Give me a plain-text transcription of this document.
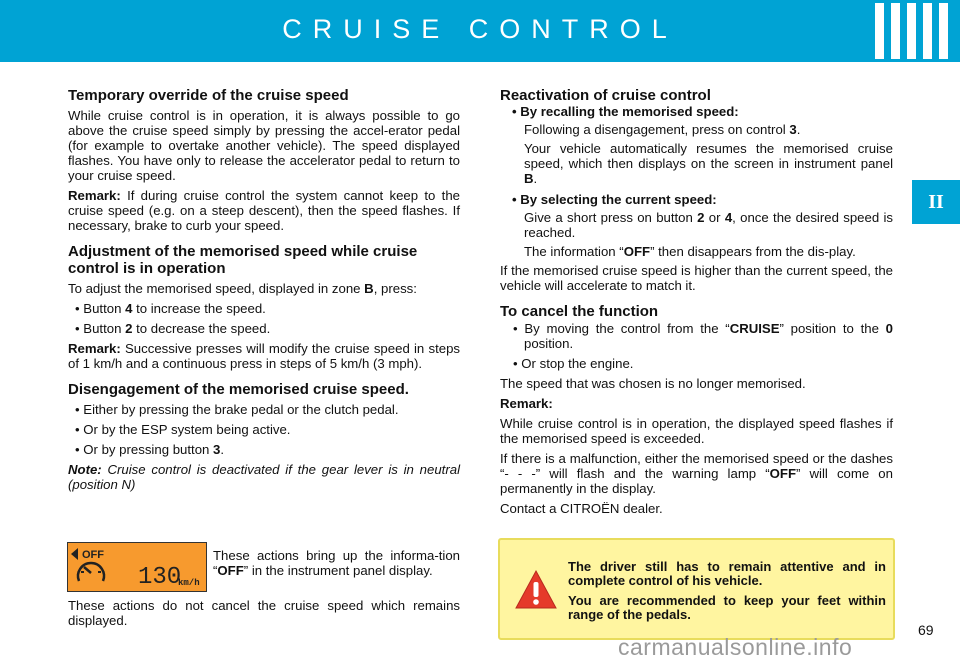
CRUISE CONTROL
II
Temporary override of the cruise speed

While cruise control is in operation, it is always possible to go above the cruise speed simply by pressing the accel-erator pedal (for example to overtake another vehicle). The speed displayed flashes. You have only to release the accelerator pedal to return to your cruise speed.

Remark: If during cruise control the system cannot keep to the cruise speed (e.g. on a steep descent), then the speed flashes. If necessary, brake to curb your speed.

Adjustment of the memorised speed while cruise control is in operation

To adjust the memorised speed, displayed in zone B, press:

• Button 4 to increase the speed.

• Button 2 to decrease the speed.

Remark: Successive presses will modify the cruise speed in steps of 1 km/h and a continuous press in steps of 5 km/h (3 mph).

Disengagement of the memorised cruise speed.

• Either by pressing the brake pedal or the clutch pedal.

• Or by the ESP system being active.

• Or by pressing button 3.

Note: Cruise control is deactivated if the gear lever is in neutral (position N)

OFF
130
km/h
These actions bring up the informa-tion “OFF” in the instrument panel display.
These actions do not cancel the cruise speed which remains displayed.
Reactivation of cruise control

• By recalling the memorised speed:

Following a disengagement, press on control 3.

Your vehicle automatically resumes the memorised cruise speed, which then displays on the screen in instrument panel B.

• By selecting the current speed:

Give a short press on button 2 or 4, once the desired speed is reached.

The information “OFF” then disappears from the dis-play.

If the memorised cruise speed is higher than the current speed, the vehicle will accelerate to match it.

To cancel the function

• By moving the control from the “CRUISE” position to the 0 position.

• Or stop the engine.

The speed that was chosen is no longer memorised.

Remark:

While cruise control is in operation, the displayed speed flashes if the memorised speed is exceeded.

If there is a malfunction, either the memorised speed or the dashes “- - -” will flash and the warning lamp “OFF” will come on permanently in the display.

Contact a CITROËN dealer.

The driver still has to remain attentive and in complete control of his vehicle.

You are recommended to keep your feet within range of the pedals.

69
carmanualsonline.info
